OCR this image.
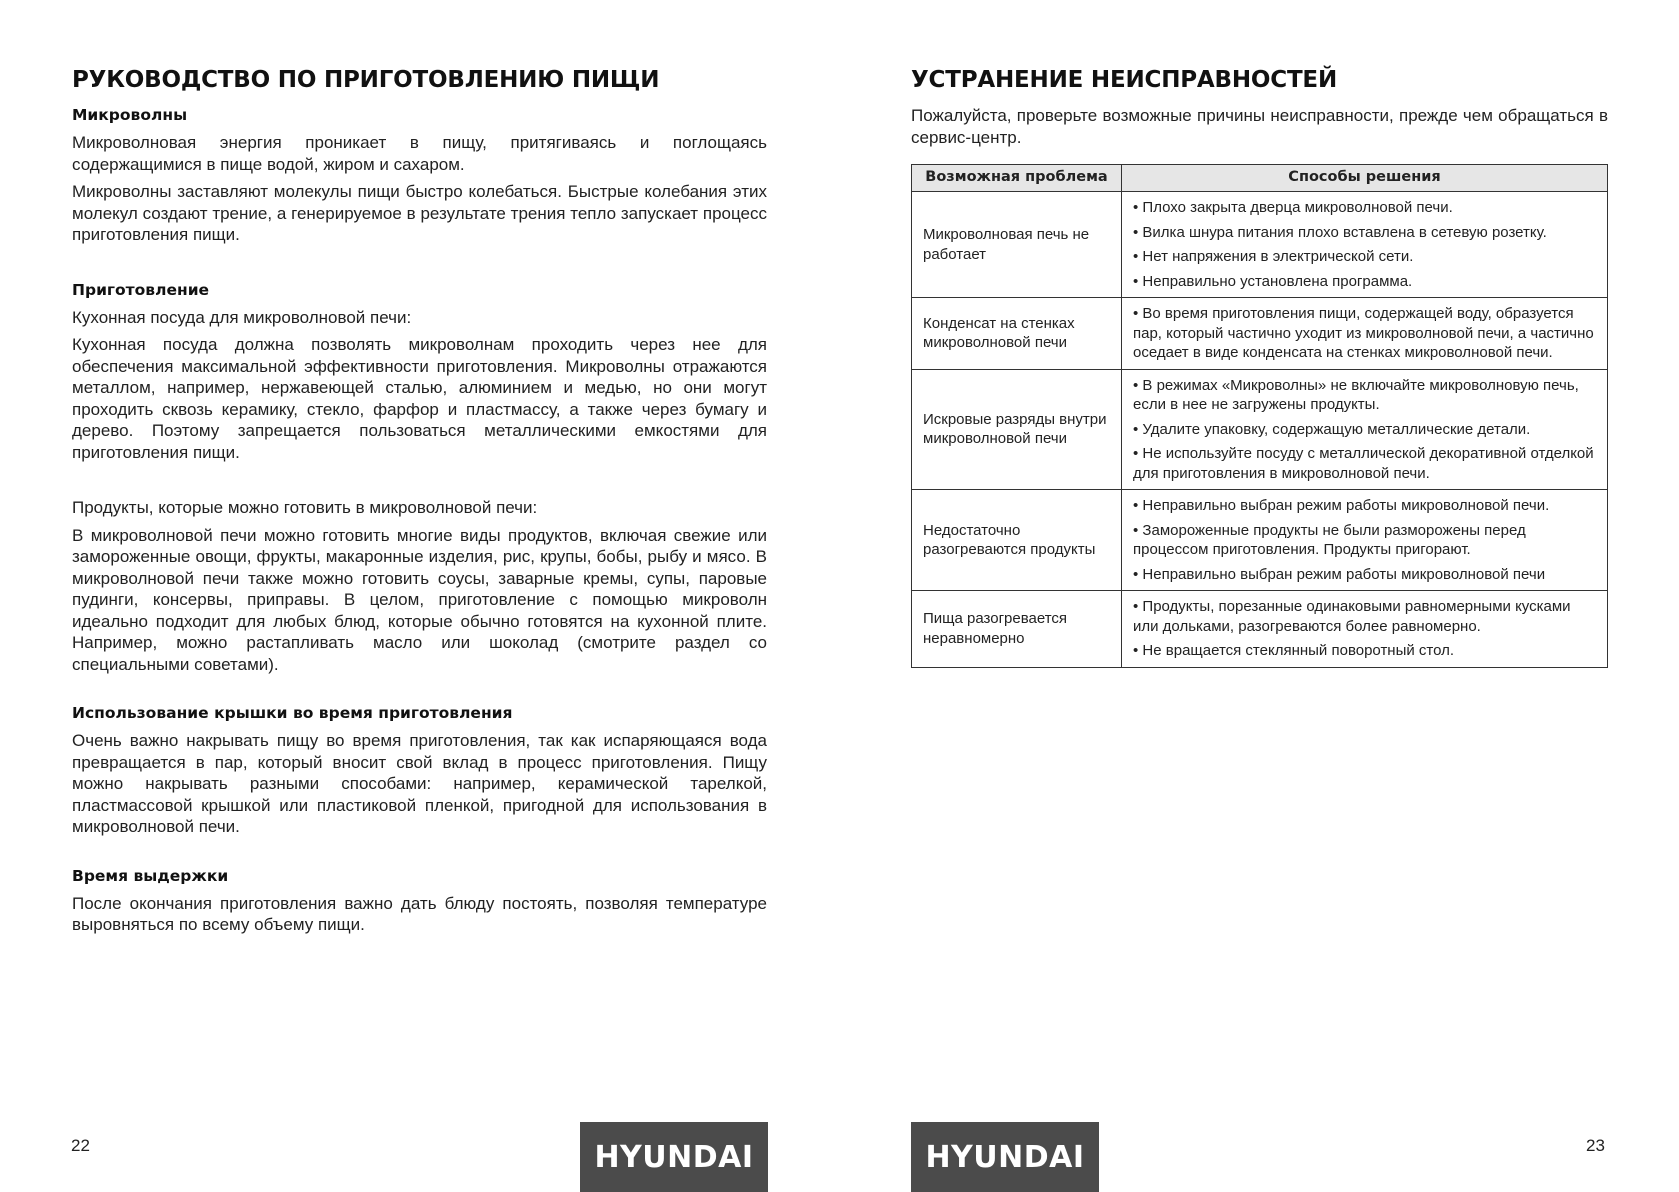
РУКОВОДСТВО ПО ПРИГОТОВЛЕНИЮ ПИЩИ
Микроволны

Микроволновая энергия проникает в пищу, притягиваясь и поглощаясь содержащимися в пище водой, жиром и сахаром.

Микроволны заставляют молекулы пищи быстро колебаться. Быстрые колебания этих молекул создают трение, а генерируемое в результате трения тепло запускает процесс приготовления пищи.

Приготовление

Кухонная посуда для микроволновой печи:

Кухонная посуда должна позволять микроволнам проходить через нее для обеспечения максимальной эффективности приготовления. Микроволны отражаются металлом, например, нержавеющей сталью, алюминием и медью, но они могут проходить сквозь керамику, стекло, фарфор и пластмассу, а также через бумагу и дерево. Поэтому запрещается пользоваться металлическими емкостями для приготовления пищи.

Продукты, которые можно готовить в микроволновой печи:

В микроволновой печи можно готовить многие виды продуктов, включая свежие или замороженные овощи, фрукты, макаронные изделия, рис, крупы, бобы, рыбу и мясо. В микроволновой печи также можно готовить соусы, заварные кремы, супы, паровые пудинги, консервы, приправы. В целом, приготовление с помощью микроволн идеально подходит для любых блюд, которые обычно готовятся на кухонной плите. Например, можно растапливать масло или шоколад (смотрите раздел со специальными советами).

Использование крышки во время приготовления

Очень важно накрывать пищу во время приготовления, так как испаряющаяся вода превращается в пар, который вносит свой вклад в процесс приготовления. Пищу можно накрывать разными способами: например, керамической тарелкой, пластмассовой крышкой или пластиковой пленкой, пригодной для использования в микроволновой печи.

Время выдержки

После окончания приготовления важно дать блюду постоять, позволяя температуре выровняться по всему объему пищи.

22	HYUNDAI
УСТРАНЕНИЕ НЕИСПРАВНОСТЕЙ

Пожалуйста, проверьте возможные причины неисправности, прежде чем обращаться в сервис-центр.

Возможная проблема	Способы решения
Микроволновая печь не работает	• Плохо закрыта дверца микроволновой печи.
• Вилка шнура питания плохо вставлена в сетевую розетку.
• Нет напряжения в электрической сети.
• Неправильно установлена программа.

Конденсат на стенках микроволновой печи	• Во время приготовления пищи, содержащей воду, образуется пар, который частично уходит из микроволновой печи, а частично оседает в виде конденсата на стенках микроволновой печи.

Искровые разряды внутри микроволновой печи	• В режимах «Микроволны» не включайте микроволновую печь, если в нее не загружены продукты.
• Удалите упаковку, содержащую металлические детали.
• Не используйте посуду с металлической декоративной отделкой для приготовления в микроволновой печи.

Недостаточно разогреваются продукты	• Неправильно выбран режим работы микроволновой печи.
• Замороженные продукты не были разморожены перед процессом приготовления. Продукты пригорают.
• Неправильно выбран режим работы микроволновой печи

Пища разогревается неравномерно	• Продукты, порезанные одинаковыми равномерными кусками или дольками, разогреваются более равномерно.
• Не вращается стеклянный поворотный стол.
HYUNDAI	23
